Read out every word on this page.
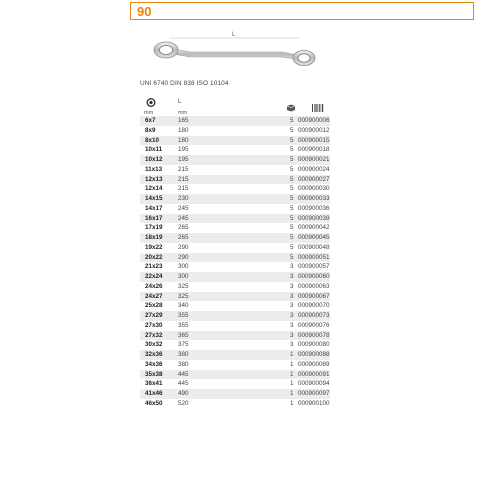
90
L
UNI 6740 DIN 838 ISO 10104
L
mm	mm
6x7	165	5 000900006
8x9	180	5 000900012
8x10	180	5 000900015
10x11	195	5 000900018
10x12 195	5 000900021
11x13	215	5 000900024
12x13 215	5 000900027
12x14 215	5 000900030
14x15 230	5 000900033
14x17 245	5 000900036
16x17 245	5 000900039
17x19 265	5 000900042
18x19 265	5 000900045
19x22 290	5 000900048
20x22 290	5 000900051
21x23 300	3 000900057
22x24 300	3 000900060
24x26 325	3 000900063
24x27 325	3 000900067
25x28 340	3 000900070
27x29 355	3 000900073
27x30 355	3 000900076
27x32 365	3 000900078
30x32 375	3 000900080
32x36 380	1 000900088
34x36 380	1 000900089
35x38 445	1 000900091
36x41 445	1 000900094
41x46 490	1 000900097
46x50 520	1 000900100
